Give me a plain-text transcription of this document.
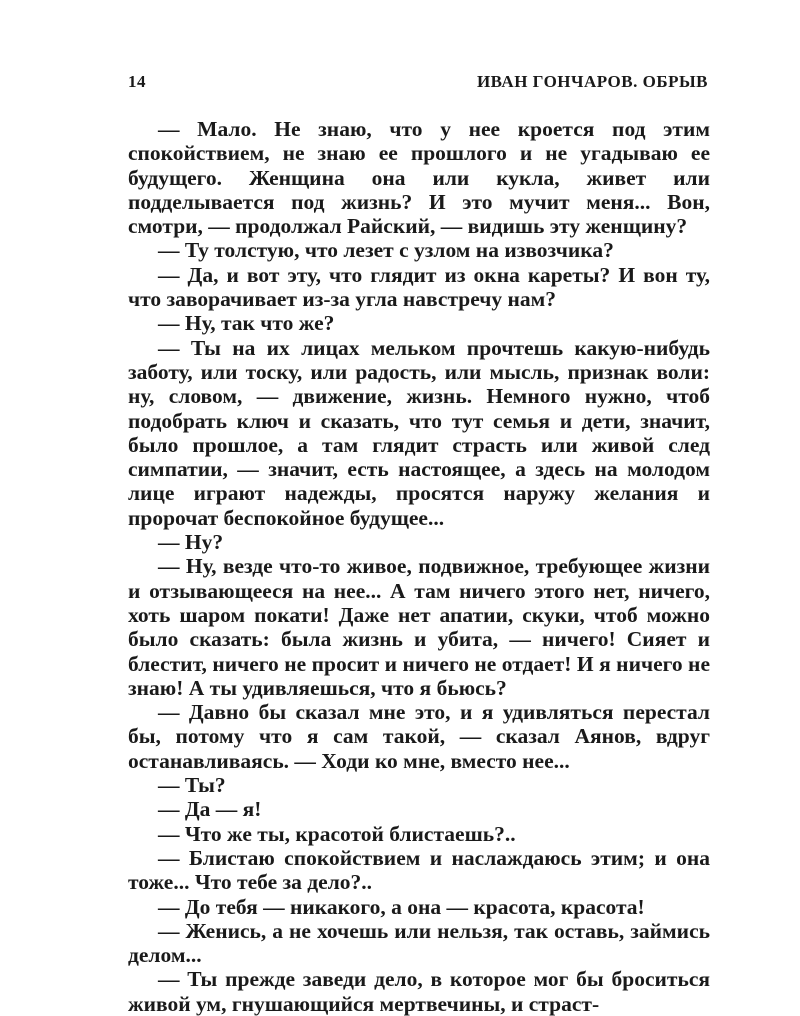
14	ИВАН ГОНЧАРОВ. ОБРЫВ

— Мало. Не знаю, что у нее кроется под этим спокойствием, не знаю ее прошлого и не угадываю ее будущего. Женщина она или кукла, живет или подделывается под жизнь? И это мучит меня... Вон, смотри, — продолжал Райский, — видишь эту женщину?

— Ту толстую, что лезет с узлом на извозчика?

— Да, и вот эту, что глядит из окна кареты? И вон ту, что заворачивает из-за угла навстречу нам?

— Ну, так что же?

— Ты на их лицах мельком прочтешь какую-нибудь заботу, или тоску, или радость, или мысль, признак воли: ну, словом, — движение, жизнь. Немного нужно, чтоб подобрать ключ и сказать, что тут семья и дети, значит, было прошлое, а там глядит страсть или живой след симпатии, — значит, есть настоящее, а здесь на молодом лице играют надежды, просятся наружу желания и пророчат беспокойное будущее...

— Ну?

— Ну, везде что-то живое, подвижное, требующее жизни и отзывающееся на нее... А там ничего этого нет, ничего, хоть шаром покати! Даже нет апатии, скуки, чтоб можно было сказать: была жизнь и убита, — ничего! Сияет и блестит, ничего не просит и ничего не отдает! И я ничего не знаю! А ты удивляешься, что я бьюсь?

— Давно бы сказал мне это, и я удивляться перестал бы, потому что я сам такой, — сказал Аянов, вдруг останавливаясь. — Ходи ко мне, вместо нее...

— Ты?

— Да — я!

— Что же ты, красотой блистаешь?..

— Блистаю спокойствием и наслаждаюсь этим; и она тоже... Что тебе за дело?..

— До тебя — никакого, а она — красота, красота!

— Женись, а не хочешь или нельзя, так оставь, займись делом...

— Ты прежде заведи дело, в которое мог бы броситься живой ум, гнушающийся мертвечины, и страст-
